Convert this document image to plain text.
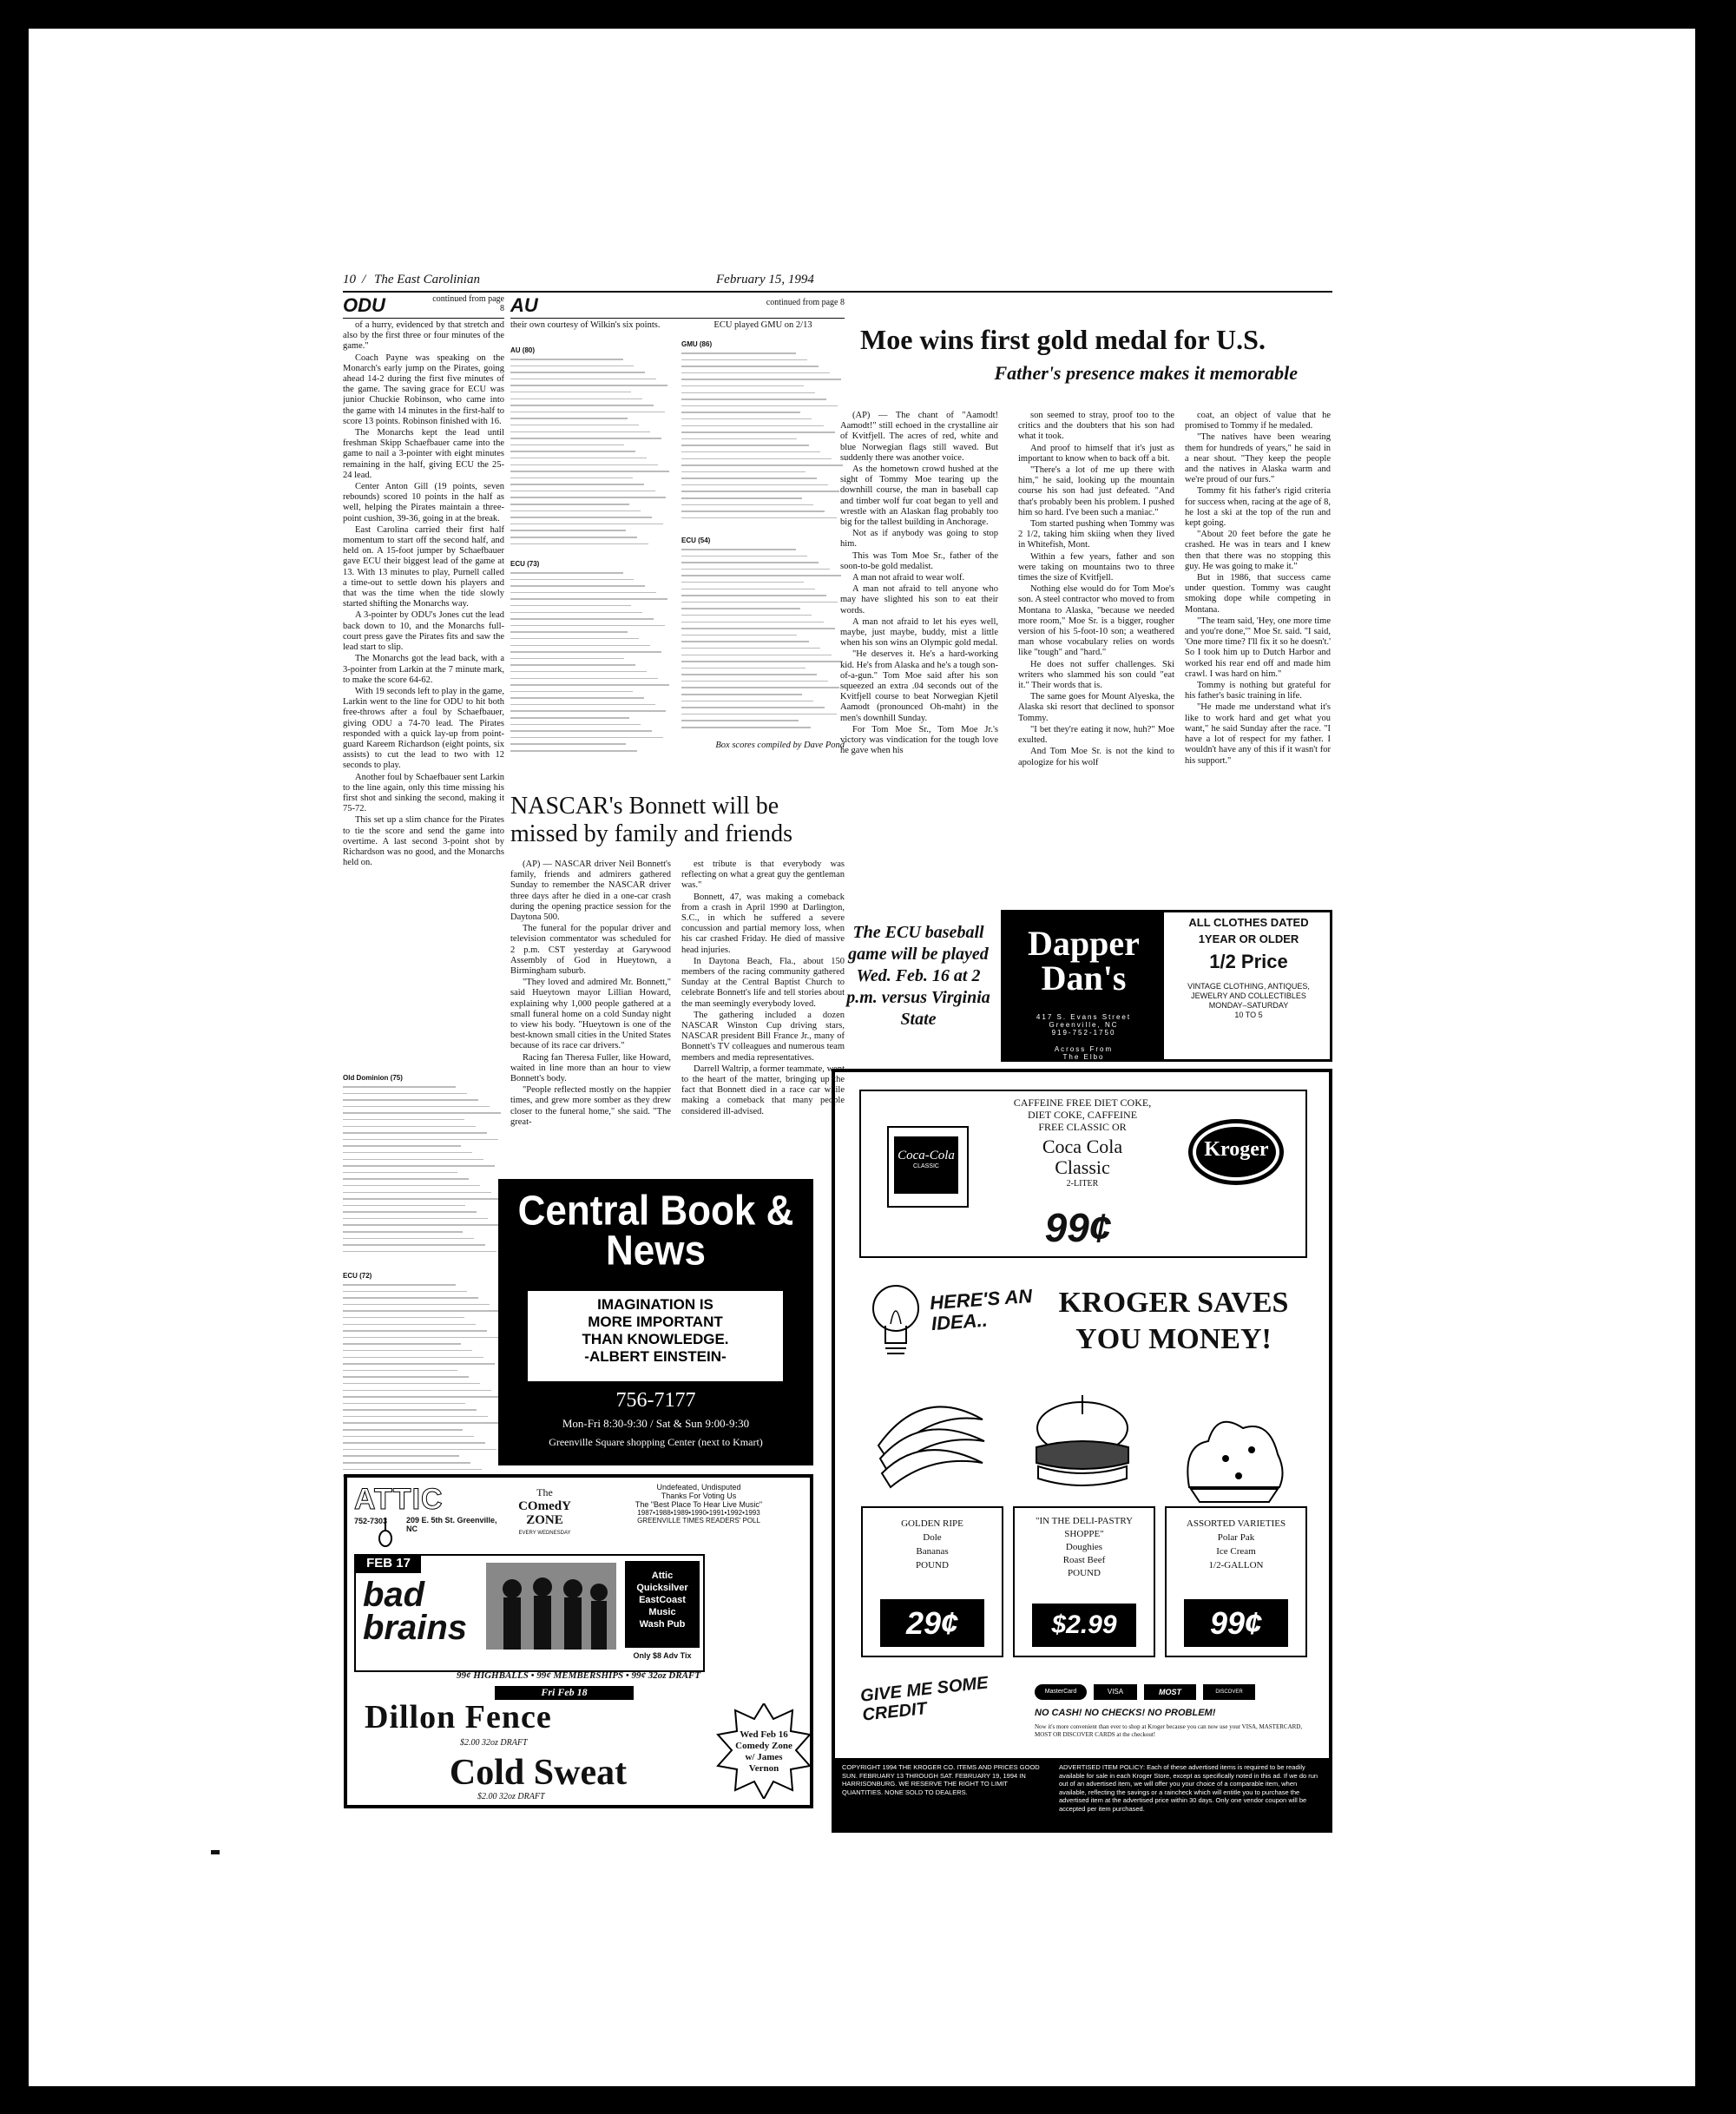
10 / The East Carolinian	February 15, 1994
ODU	continued from page 8

of a hurry, evidenced by that stretch and also by the first three or four minutes of the game."

Coach Payne was speaking on the Monarch's early jump on the Pirates, going ahead 14-2 during the first five minutes of the game. The saving grace for ECU was junior Chuckie Robinson, who came into the game with 14 minutes in the first-half to score 13 points. Robinson finished with 16.

The Monarchs kept the lead until freshman Skipp Schaefbauer came into the game to nail a 3-pointer with eight minutes remaining in the half, giving ECU the 25-24 lead.

Center Anton Gill (19 points, seven rebounds) scored 10 points in the half as well, helping the Pirates maintain a three-point cushion, 39-36, going in at the break.

East Carolina carried their first half momentum to start off the second half, and held on. A 15-foot jumper by Schaefbauer gave ECU their biggest lead of the game at 13. With 13 minutes to play, Purnell called a time-out to settle down his players and that was the time when the tide slowly started shifting the Monarchs way.

A 3-pointer by ODU's Jones cut the lead back down to 10, and the Monarchs full-court press gave the Pirates fits and saw the lead start to slip.

The Monarchs got the lead back, with a 3-pointer from Larkin at the 7 minute mark, to make the score 64-62.

With 19 seconds left to play in the game, Larkin went to the line for ODU to hit both free-throws after a foul by Schaefbauer, giving ODU a 74-70 lead. The Pirates responded with a quick lay-up from point-guard Kareem Richardson (eight points, six assists) to cut the lead to two with 12 seconds to play.

Another foul by Schaefbauer sent Larkin to the line again, only this time missing his first shot and sinking the second, making it 75-72.

This set up a slim chance for the Pirates to tie the score and send the game into overtime. A last second 3-point shot by Richardson was no good, and the Monarchs held on.

Old Dominion (75)
ECU (72)
AU	continued from page 8
their own courtesy of Wilkin's six points.
AU (80)
ECU (73)
ECU played GMU on 2/13
GMU (86)
ECU (54)
Box scores compiled by Dave Pond
NASCAR's Bonnett will be missed by family and friends

(AP) — NASCAR driver Neil Bonnett's family, friends and admirers gathered Sunday to remember the NASCAR driver three days after he died in a one-car crash during the opening practice session for the Daytona 500.

The funeral for the popular driver and television commentator was scheduled for 2 p.m. CST yesterday at Garywood Assembly of God in Hueytown, a Birmingham suburb.

"They loved and admired Mr. Bonnett," said Hueytown mayor Lillian Howard, explaining why 1,000 people gathered at a small funeral home on a cold Sunday night to view his body. "Hueytown is one of the best-known small cities in the United States because of its race car drivers."

Racing fan Theresa Fuller, like Howard, waited in line more than an hour to view Bonnett's body.

"People reflected mostly on the happier times, and grew more somber as they drew closer to the funeral home," she said. "The great-

est tribute is that everybody was reflecting on what a great guy the gentleman was."

Bonnett, 47, was making a comeback from a crash in April 1990 at Darlington, S.C., in which he suffered a severe concussion and partial memory loss, when his car crashed Friday. He died of massive head injuries.

In Daytona Beach, Fla., about 150 members of the racing community gathered Sunday at the Central Baptist Church to celebrate Bonnett's life and tell stories about the man seemingly everybody loved.

The gathering included a dozen NASCAR Winston Cup driving stars, NASCAR president Bill France Jr., many of Bonnett's TV colleagues and numerous team members and media representatives.

Darrell Waltrip, a former teammate, went to the heart of the matter, bringing up the fact that Bonnett died in a race car while making a comeback that many people considered ill-advised.

Moe wins first gold medal for U.S.
Father's presence makes it memorable

(AP) — The chant of "Aamodt! Aamodt!" still echoed in the crystalline air of Kvitfjell. The acres of red, white and blue Norwegian flags still waved. But suddenly there was another voice.

As the hometown crowd hushed at the sight of Tommy Moe tearing up the downhill course, the man in baseball cap and timber wolf fur coat began to yell and wrestle with an Alaskan flag probably too big for the tallest building in Anchorage.

Not as if anybody was going to stop him.

This was Tom Moe Sr., father of the soon-to-be gold medalist.

A man not afraid to wear wolf.

A man not afraid to tell anyone who may have slighted his son to eat their words.

A man not afraid to let his eyes well, maybe, just maybe, buddy, mist a little when his son wins an Olympic gold medal.

"He deserves it. He's a hard-working kid. He's from Alaska and he's a tough son-of-a-gun." Tom Moe said after his son squeezed an extra .04 seconds out of the Kvitfjell course to beat Norwegian Kjetil Aamodt (pronounced Oh-maht) in the men's downhill Sunday.

For Tom Moe Sr., Tom Moe Jr.'s victory was vindication for the tough love he gave when his

son seemed to stray, proof too to the critics and the doubters that his son had what it took.

And proof to himself that it's just as important to know when to back off a bit.

"There's a lot of me up there with him," he said, looking up the mountain course his son had just defeated. "And that's probably been his problem. I pushed him so hard. I've been such a maniac."

Tom started pushing when Tommy was 2 1/2, taking him skiing when they lived in Whitefish, Mont.

Within a few years, father and son were taking on mountains two to three times the size of Kvitfjell.

Nothing else would do for Tom Moe's son. A steel contractor who moved to from Montana to Alaska, "because we needed more room," Moe Sr. is a bigger, rougher version of his 5-foot-10 son; a weathered man whose vocabulary relies on words like "tough" and "hard."

He does not suffer challenges. Ski writers who slammed his son could "eat it." Their words that is.

The same goes for Mount Alyeska, the Alaska ski resort that declined to sponsor Tommy.

"I bet they're eating it now, huh?" Moe exulted.

And Tom Moe Sr. is not the kind to apologize for his wolf

coat, an object of value that he promised to Tommy if he medaled.

"The natives have been wearing them for hundreds of years," he said in a near shout. "They keep the people and the natives in Alaska warm and we're proud of our furs."

Tommy fit his father's rigid criteria for success when, racing at the age of 8, he lost a ski at the top of the run and kept going.

"About 20 feet before the gate he crashed. He was in tears and I knew then that there was no stopping this guy. He was going to make it."

But in 1986, that success came under question. Tommy was caught smoking dope while competing in Montana.

"The team said, 'Hey, one more time and you're done,'" Moe Sr. said. "I said, 'One more time? I'll fix it so he doesn't.' So I took him up to Dutch Harbor and worked his rear end off and made him crawl. I was hard on him."

Tommy is nothing but grateful for his father's basic training in life.

"He made me understand what it's like to work hard and get what you want," he said Sunday after the race. "I have a lot of respect for my father. I wouldn't have any of this if it wasn't for his support."

The ECU baseball game will be played Wed. Feb. 16 at 2 p.m. versus Virginia State
Dapper Dan's
417 S. Evans Street
Greenville, NC
919-752-1750
Across From
The Elbo
ALL CLOTHES DATED
1YEAR OR OLDER
1/2 Price
VINTAGE CLOTHING, ANTIQUES, JEWELRY AND COLLECTIBLES
MONDAY–SATURDAY
10 TO 5
Central Book &
News
IMAGINATION IS
MORE IMPORTANT
THAN KNOWLEDGE.
-ALBERT EINSTEIN-
756-7177
Mon-Fri 8:30-9:30 / Sat & Sun 9:00-9:30
Greenville Square shopping Center (next to Kmart)
ATTIC
752-7303	209 E. 5th St. Greenville, NC
The
COmedY ZONE
EVERY WEDNESDAY
Undefeated, Undisputed
Thanks For Voting Us
The "Best Place To Hear Live Music"
1987•1988•1989•1990•1991•1992•1993
GREENVILLE TIMES READERS' POLL
FEB 17
bad
brains
Attic
Quicksilver
EastCoast Music
Wash Pub
Only $8 Adv Tix
99¢ HIGHBALLS • 99¢ MEMBERSHIPS • 99¢ 32oz DRAFT
Fri Feb 18
Dillon Fence
$2.00 32oz DRAFT
Wed Feb 16
Comedy Zone
w/ James
Vernon
Cold Sweat
$2.00 32oz DRAFT
Coca-Cola
CLASSIC
CAFFEINE FREE DIET COKE,
DIET COKE, CAFFEINE
FREE CLASSIC OR
Coca Cola
Classic
2-LITER
99¢
Kroger
HERE'S AN IDEA..
KROGER SAVES
YOU MONEY!
GOLDEN RIPE
Dole
Bananas
POUND
29¢
"IN THE DELI-PASTRY
SHOPPE"
Doughies
Roast Beef
POUND
$2.99
ASSORTED VARIETIES
Polar Pak
Ice Cream
1/2-GALLON
99¢
GIVE ME SOME CREDIT
MasterCard	VISA	MOST	DISCOVER
NO CASH! NO CHECKS! NO PROBLEM!
Now it's more convenient than ever to shop at Kroger because you can now use your VISA, MASTERCARD, MOST OR DISCOVER CARDS at the checkout!
COPYRIGHT 1994 THE KROGER CO. ITEMS AND PRICES GOOD SUN. FEBRUARY 13 THROUGH SAT. FEBRUARY 19, 1994 IN HARRISONBURG. WE RESERVE THE RIGHT TO LIMIT QUANTITIES. NONE SOLD TO DEALERS.
ADVERTISED ITEM POLICY: Each of these advertised items is required to be readily available for sale in each Kroger Store, except as specifically noted in this ad. If we do run out of an advertised item, we will offer you your choice of a comparable item, when available, reflecting the savings or a raincheck which will entitle you to purchase the advertised item at the advertised price within 30 days. Only one vendor coupon will be accepted per item purchased.
